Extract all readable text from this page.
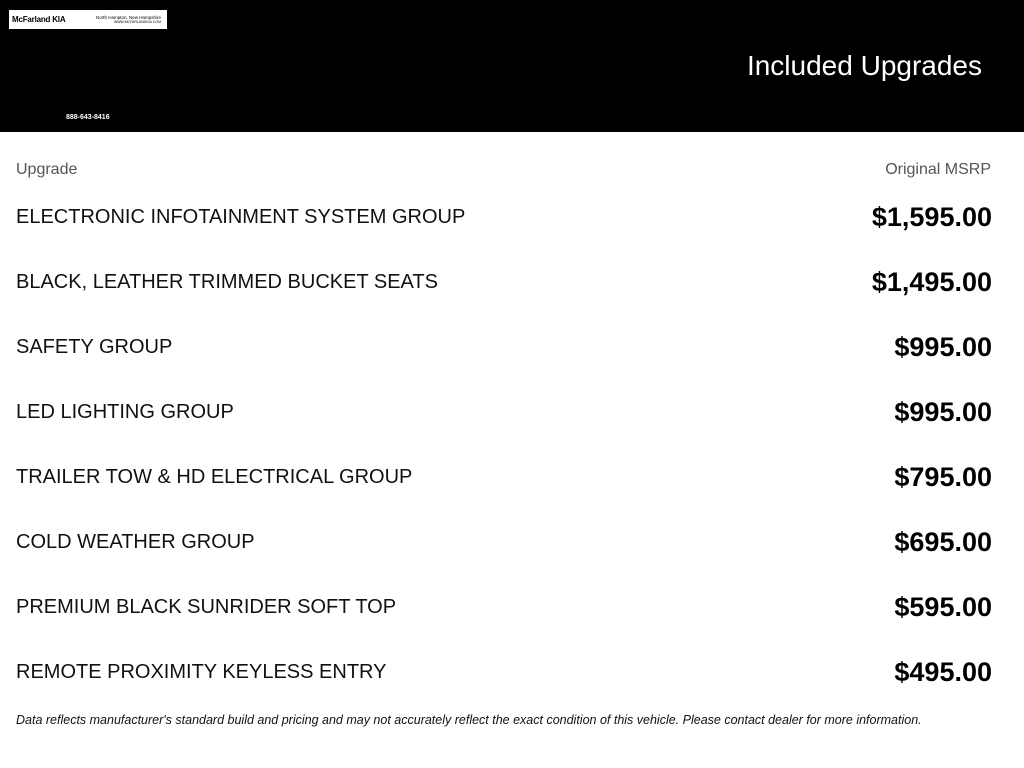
McFarland KIA	North Hampton, New Hampshire
WWW.MCFARLANDKIA.COM
888-643-8416
Included Upgrades
Upgrade	Original MSRP
ELECTRONIC INFOTAINMENT SYSTEM GROUP	$1,595.00
BLACK, LEATHER TRIMMED BUCKET SEATS	$1,495.00
SAFETY GROUP	$995.00
LED LIGHTING GROUP	$995.00
TRAILER TOW & HD ELECTRICAL GROUP	$795.00
COLD WEATHER GROUP	$695.00
PREMIUM BLACK SUNRIDER SOFT TOP	$595.00
REMOTE PROXIMITY KEYLESS ENTRY	$495.00
Data reflects manufacturer's standard build and pricing and may not accurately reflect the exact condition of this vehicle. Please contact dealer for more information.
